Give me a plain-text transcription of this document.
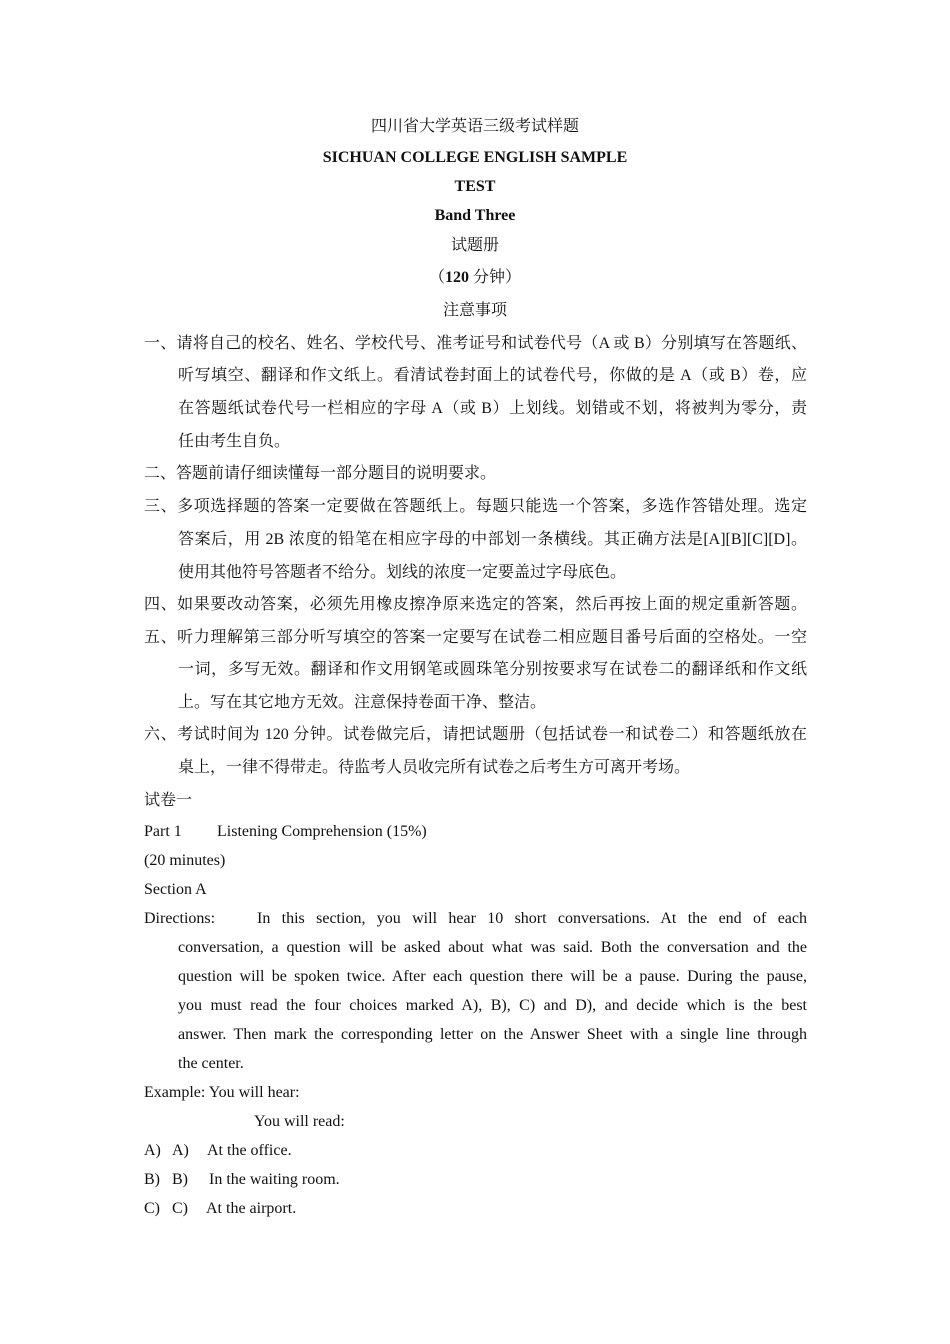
四川省大学英语三级考试样题
SICHUAN COLLEGE ENGLISH SAMPLE
TEST
Band Three
试题册
（120 分钟）
注意事项
一、请将自己的校名、姓名、学校代号、准考证号和试卷代号（A 或 B）分别填写在答题纸、
听写填空、翻译和作文纸上。看清试卷封面上的试卷代号，你做的是 A（或 B）卷，应
在答题纸试卷代号一栏相应的字母 A（或 B）上划线。划错或不划，将被判为零分，责
任由考生自负。
二、答题前请仔细读懂每一部分题目的说明要求。
三、多项选择题的答案一定要做在答题纸上。每题只能选一个答案，多选作答错处理。选定
答案后，用 2B 浓度的铅笔在相应字母的中部划一条横线。其正确方法是[A][B][C][D]。
使用其他符号答题者不给分。划线的浓度一定要盖过字母底色。
四、如果要改动答案，必须先用橡皮擦净原来选定的答案，然后再按上面的规定重新答题。
五、听力理解第三部分听写填空的答案一定要写在试卷二相应题目番号后面的空格处。一空
一词，多写无效。翻译和作文用钢笔或圆珠笔分别按要求写在试卷二的翻译纸和作文纸
上。写在其它地方无效。注意保持卷面干净、整洁。
六、考试时间为 120 分钟。试卷做完后，请把试题册（包括试卷一和试卷二）和答题纸放在
桌上，一律不得带走。待监考人员收完所有试卷之后考生方可离开考场。
试卷一
Part 1 Listening Comprehension (15%)
(20 minutes)
Section A
Directions:	In this section, you will hear 10 short conversations. At the end of each
conversation, a question will be asked about what was said. Both the conversation and the
question will be spoken twice. After each question there will be a pause. During the pause,
you must read the four choices marked A), B), C) and D), and decide which is the best
answer. Then mark the corresponding letter on the Answer Sheet with a single line through
the center.
Example: You will hear:
You will read:
A) A) At the office.
B) B) In the waiting room.
C) C) At the airport.
